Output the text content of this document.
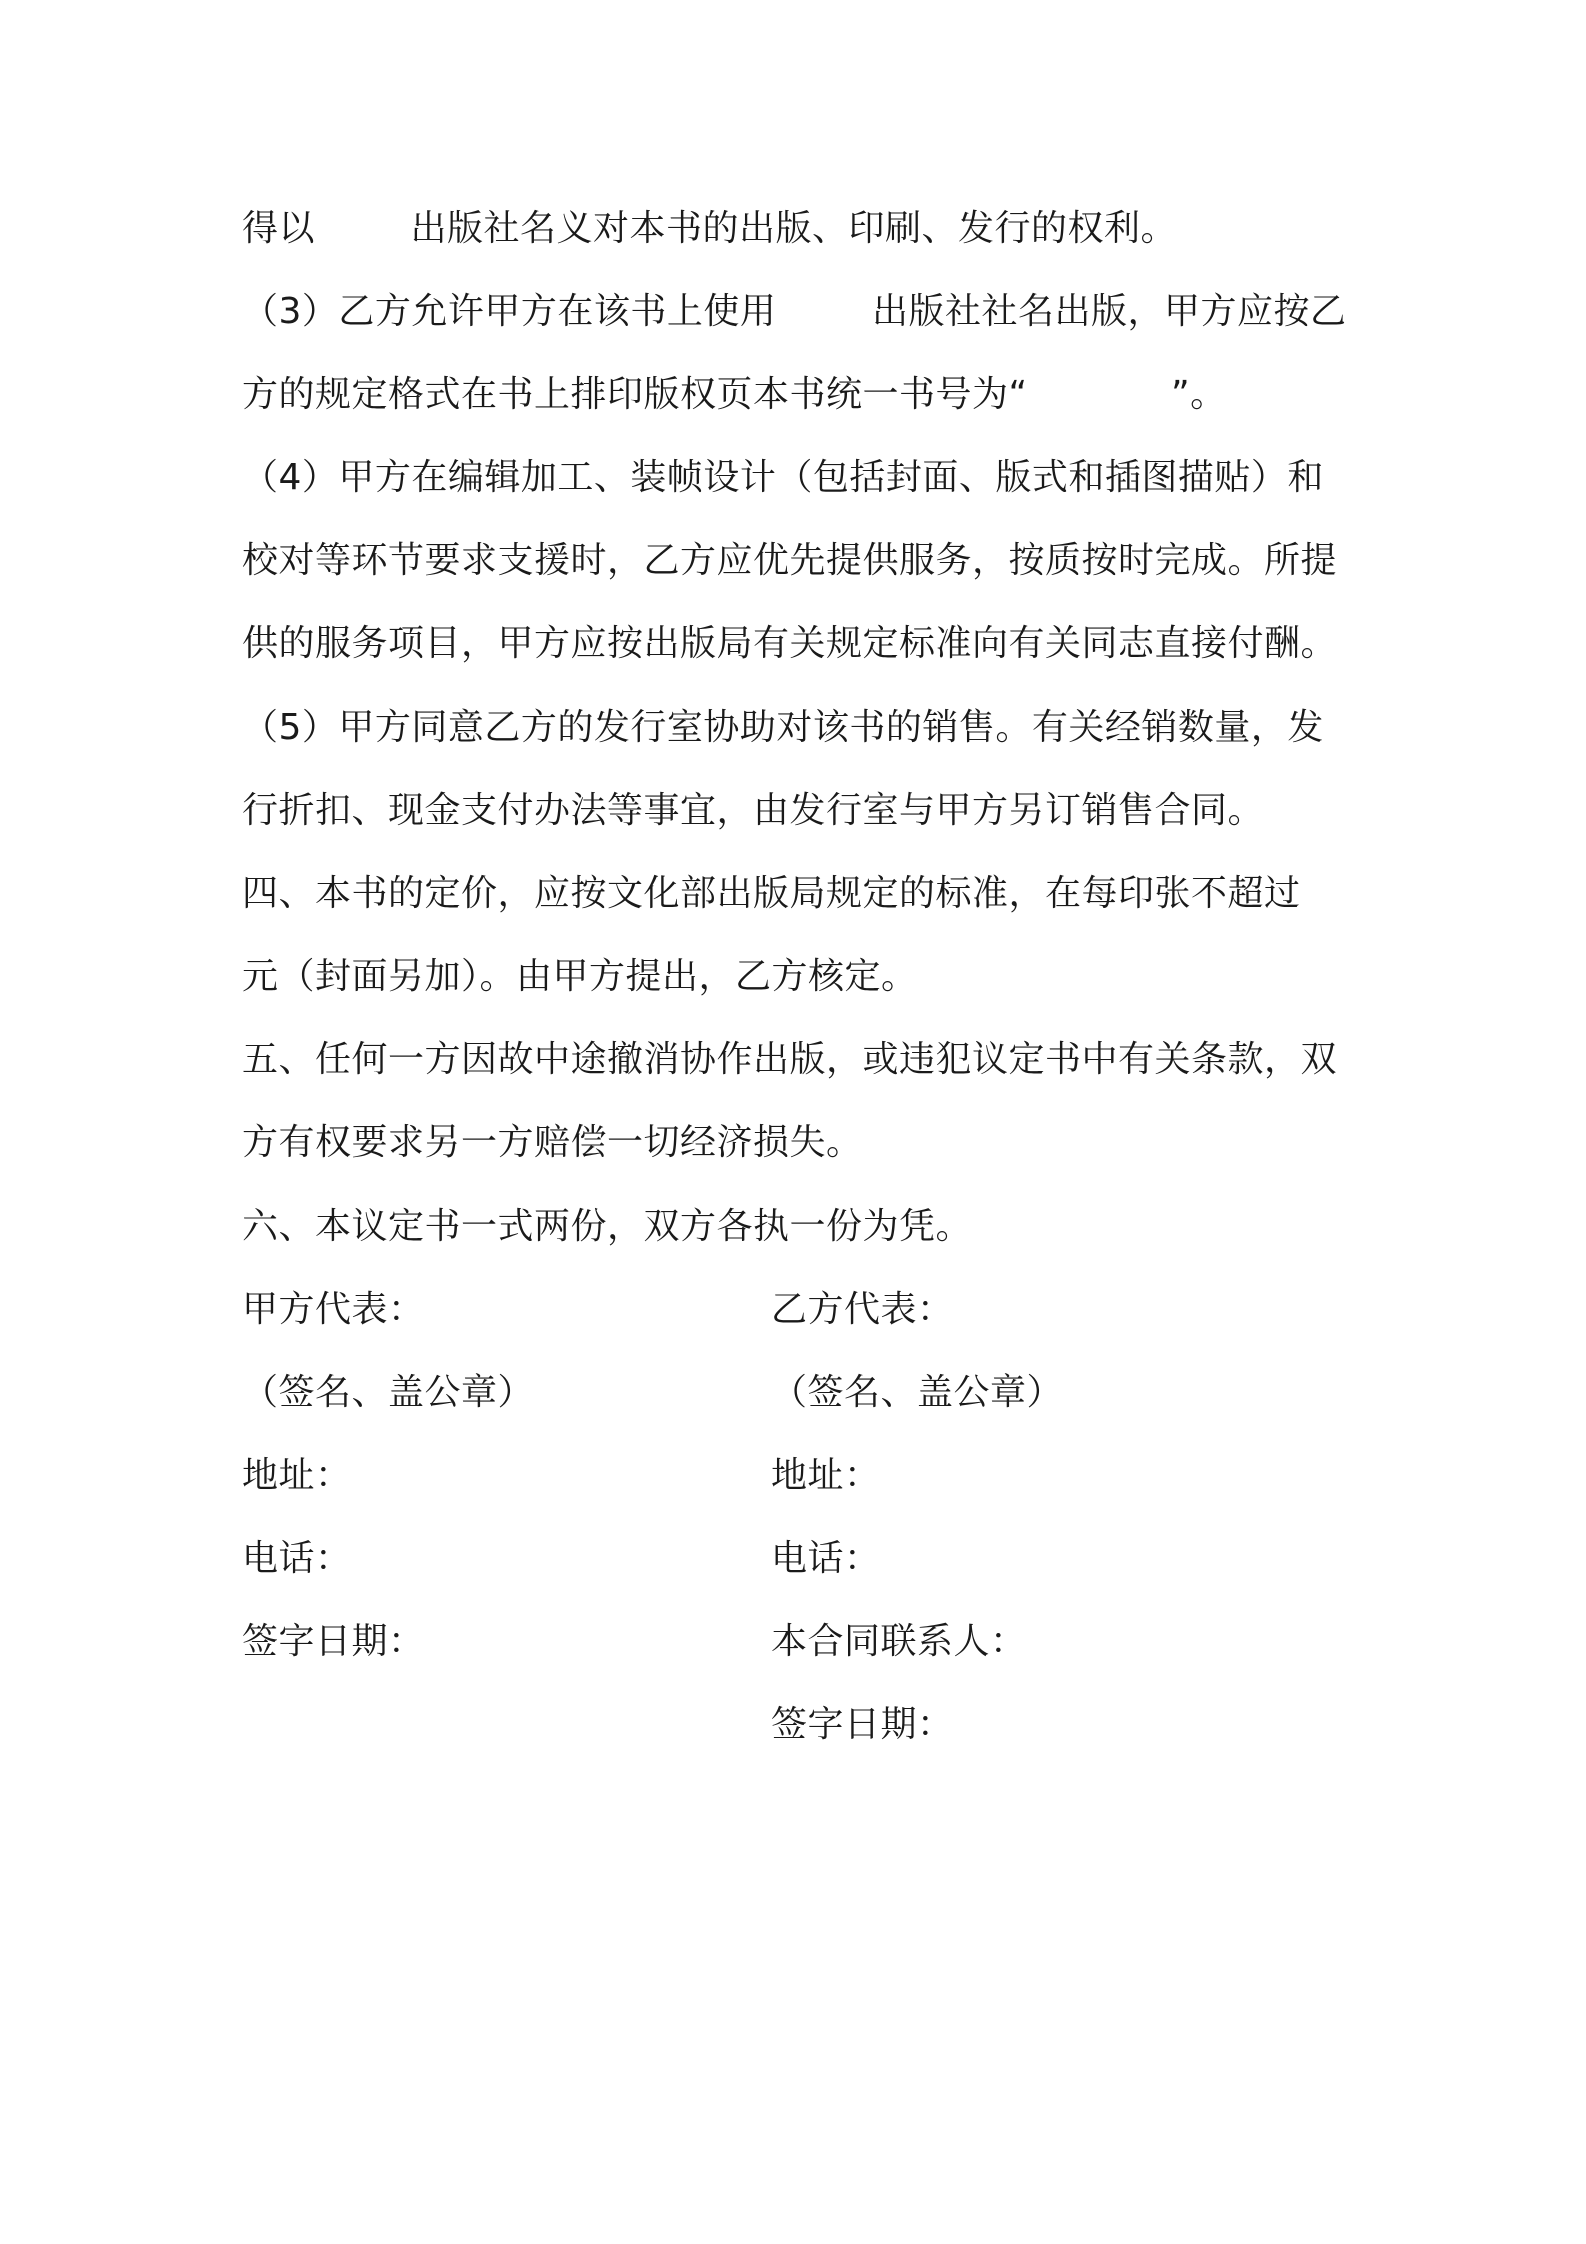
得以        出版社名义对本书的出版、印刷、发行的权利。
（3）乙方允许甲方在该书上使用        出版社社名出版，甲方应按乙
方的规定格式在书上排印版权页本书统一书号为“            ”。
（4）甲方在编辑加工、装帧设计（包括封面、版式和插图描贴）和
校对等环节要求支援时，乙方应优先提供服务，按质按时完成。所提
供的服务项目，甲方应按出版局有关规定标准向有关同志直接付酬。
（5）甲方同意乙方的发行室协助对该书的销售。有关经销数量，发
行折扣、现金支付办法等事宜，由发行室与甲方另订销售合同。
四、本书的定价，应按文化部出版局规定的标准，在每印张不超过
元（封面另加）。由甲方提出，乙方核定。
五、任何一方因故中途撤消协作出版，或违犯议定书中有关条款，双
方有权要求另一方赔偿一切经济损失。
六、本议定书一式两份，双方各执一份为凭。
甲方代表：
（签名、盖公章）
地址：
电话：
签字日期：
乙方代表：
（签名、盖公章）
地址：
电话：
本合同联系人：
签字日期：
